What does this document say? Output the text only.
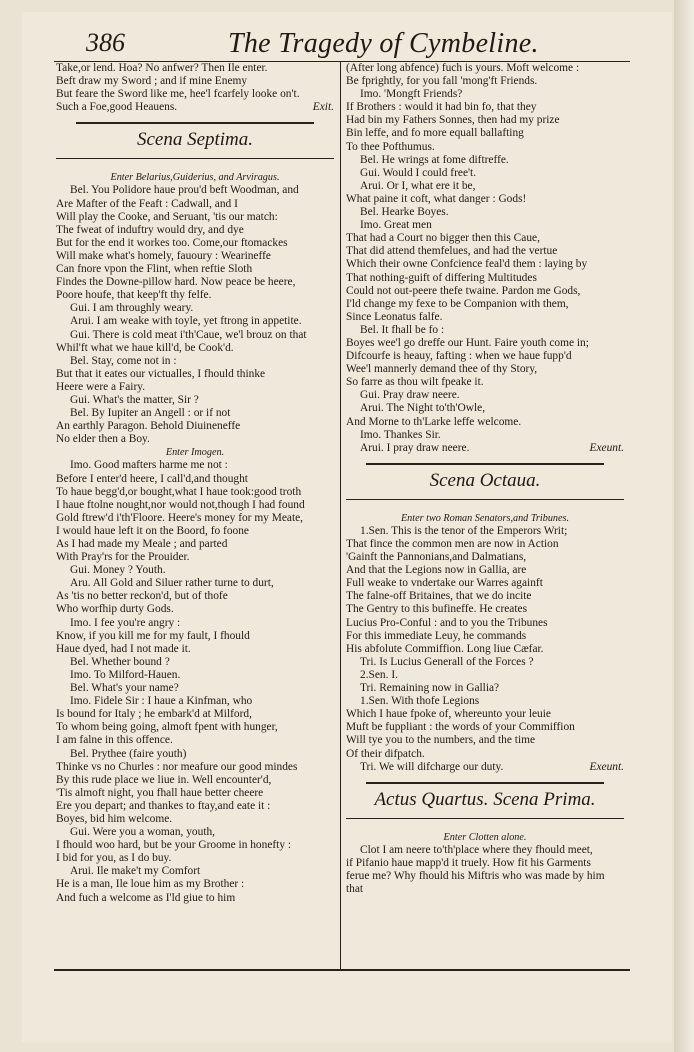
386	The Tragedy of Cymbeline.
Take,or lend. Hoa? No anfwer? Then Ile enter.
Beft draw my Sword ; and if mine Enemy
But feare the Sword like me, hee'l fcarfely looke on't.
Such a Foe,good Heauens.	Exit.
Scena Septima.
Enter Belarius,Guiderius, and Arviragus.
Bel. You Polidore haue prou'd beft Woodman, and
Are Mafter of the Feaft : Cadwall, and I
Will play the Cooke, and Seruant, 'tis our match:
The fweat of induftry would dry, and dye
But for the end it workes too. Come,our ftomackes
Will make what's homely, fauoury : Wearineffe
Can fnore vpon the Flint, when reftie Sloth
Findes the Downe-pillow hard. Now peace be heere,
Poore houfe, that keep'ft thy felfe.
Gui. I am throughly weary.
Arui. I am weake with toyle, yet ftrong in appetite.
Gui. There is cold meat i'th'Caue, we'l brouz on that
Whil'ft what we haue kill'd, be Cook'd.
Bel. Stay, come not in :
But that it eates our victualles, I fhould thinke
Heere were a Fairy.
Gui. What's the matter, Sir ?
Bel. By Iupiter an Angell : or if not
An earthly Paragon. Behold Diuineneffe
No elder then a Boy.
Enter Imogen.
Imo. Good mafters harme me not :
Before I enter'd heere, I call'd,and thought
To haue begg'd,or bought,what I haue took:good troth
I haue ftolne nought,nor would not,though I had found
Gold ftrew'd i'th'Floore. Heere's money for my Meate,
I would haue left it on the Boord, fo foone
As I had made my Meale ; and parted
With Pray'rs for the Prouider.
Gui. Money ? Youth.
Aru. All Gold and Siluer rather turne to durt,
As 'tis no better reckon'd, but of thofe
Who worfhip durty Gods.
Imo. I fee you're angry :
Know, if you kill me for my fault, I fhould
Haue dyed, had I not made it.
Bel. Whether bound ?
Imo. To Milford-Hauen.
Bel. What's your name?
Imo. Fidele Sir : I haue a Kinfman, who
Is bound for Italy ; he embark'd at Milford,
To whom being going, almoft fpent with hunger,
I am falne in this offence.
Bel. Prythee (faire youth)
Thinke vs no Churles : nor meafure our good mindes
By this rude place we liue in. Well encounter'd,
'Tis almoft night, you fhall haue better cheere
Ere you depart; and thankes to ftay,and eate it :
Boyes, bid him welcome.
Gui. Were you a woman, youth,
I fhould woo hard, but be your Groome in honefty :
I bid for you, as I do buy.
Arui. Ile make't my Comfort
He is a man, Ile loue him as my Brother :
And fuch a welcome as I'ld giue to him
(After long abfence) fuch is yours. Moft welcome :
Be fprightly, for you fall 'mong'ft Friends.
Imo. 'Mongft Friends?
If Brothers : would it had bin fo, that they
Had bin my Fathers Sonnes, then had my prize
Bin leffe, and fo more equall ballafting
To thee Pofthumus.
Bel. He wrings at fome diftreffe.
Gui. Would I could free't.
Arui. Or I, what ere it be,
What paine it coft, what danger : Gods!
Bel. Hearke Boyes.
Imo. Great men
That had a Court no bigger then this Caue,
That did attend themfelues, and had the vertue
Which their owne Confcience feal'd them : laying by
That nothing-guift of differing Multitudes
Could not out-peere thefe twaine. Pardon me Gods,
I'ld change my fexe to be Companion with them,
Since Leonatus falfe.
Bel. It fhall be fo :
Boyes wee'l go dreffe our Hunt. Faire youth come in;
Difcourfe is heauy, fafting : when we haue fupp'd
Wee'l mannerly demand thee of thy Story,
So farre as thou wilt fpeake it.
Gui. Pray draw neere.
Arui. The Night to'th'Owle,
And Morne to th'Larke leffe welcome.
Imo. Thankes Sir.
Arui. I pray draw neere.	Exeunt.
Scena Octaua.
Enter two Roman Senators,and Tribunes.
1.Sen. This is the tenor of the Emperors Writ;
That fince the common men are now in Action
'Gainft the Pannonians,and Dalmatians,
And that the Legions now in Gallia, are
Full weake to vndertake our Warres againft
The falne-off Britaines, that we do incite
The Gentry to this bufineffe. He creates
Lucius Pro-Conful : and to you the Tribunes
For this immediate Leuy, he commands
His abfolute Commiffion. Long liue Cæfar.
Tri. Is Lucius Generall of the Forces ?
2.Sen. I.
Tri. Remaining now in Gallia?
1.Sen. With thofe Legions
Which I haue fpoke of, whereunto your leuie
Muft be fuppliant : the words of your Commiffion
Will tye you to the numbers, and the time
Of their difpatch.
Tri. We will difcharge our duty.	Exeunt.
Actus Quartus. Scena Prima.
Enter Clotten alone.
Clot I am neere to'th'place where they fhould meet,
if Pifanio haue mapp'd it truely. How fit his Garments
ferue me? Why fhould his Miftris who was made by him
that
